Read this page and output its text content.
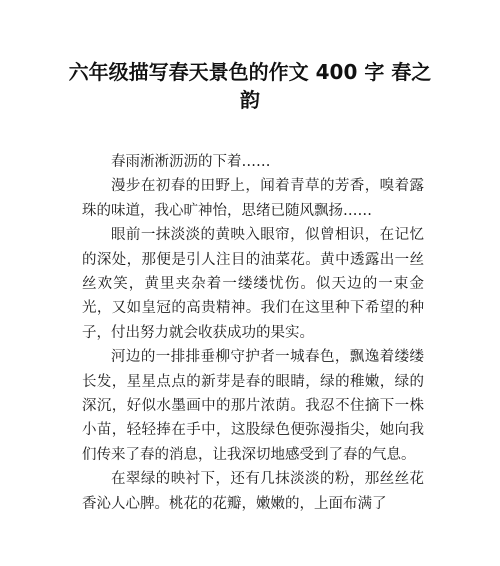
六年级描写春天景色的作文 400 字 春之韵

春雨淅淅沥沥的下着……

漫步在初春的田野上，闻着青草的芳香，嗅着露珠的味道，我心旷神怡，思绪已随风飘扬……

眼前一抹淡淡的黄映入眼帘，似曾相识，在记忆的深处，那便是引人注目的油菜花。黄中透露出一丝丝欢笑，黄里夹杂着一缕缕忧伤。似天边的一束金光，又如皇冠的高贵精神。我们在这里种下希望的种子，付出努力就会收获成功的果实。

河边的一排排垂柳守护者一城春色，飘逸着缕缕长发，星星点点的新芽是春的眼睛，绿的稚嫩，绿的深沉，好似水墨画中的那片浓荫。我忍不住摘下一株小苗，轻轻捧在手中，这股绿色便弥漫指尖，她向我们传来了春的消息，让我深切地感受到了春的气息。

在翠绿的映衬下，还有几抹淡淡的粉，那丝丝花香沁人心脾。桃花的花瓣，嫩嫩的，上面布满了
